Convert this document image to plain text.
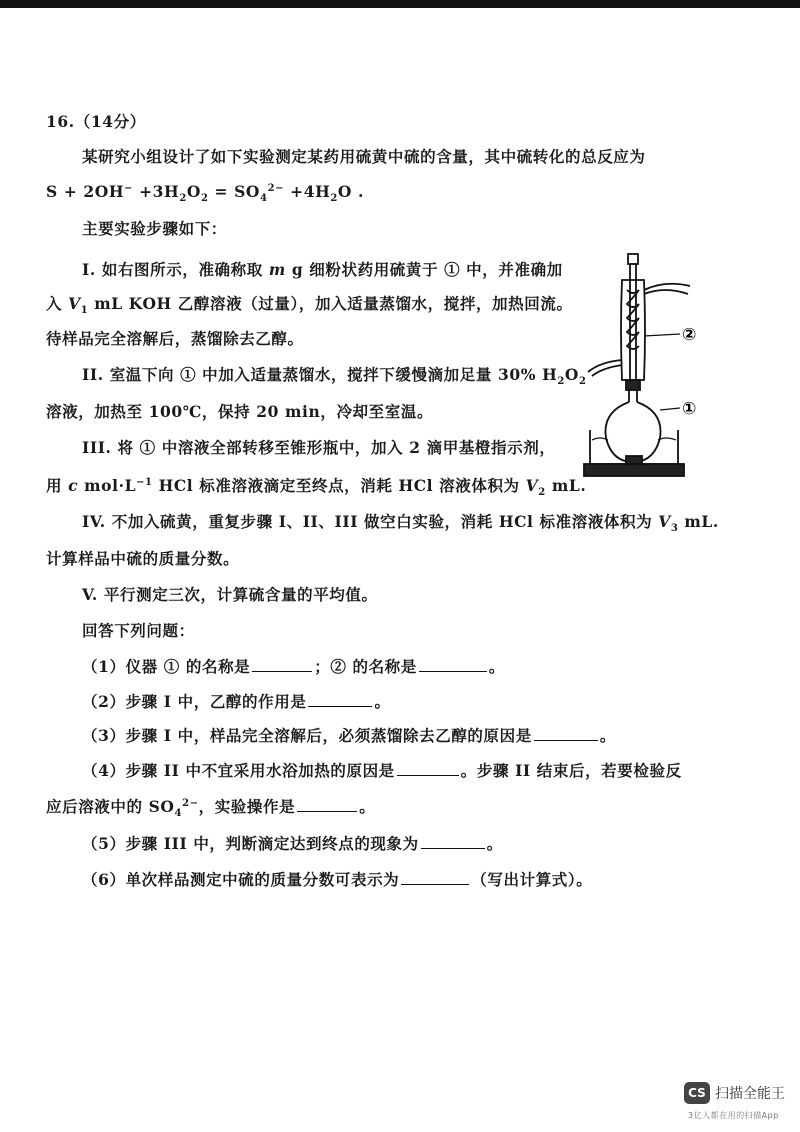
16.（14分）
某研究小组设计了如下实验测定某药用硫黄中硫的含量，其中硫转化的总反应为
$S + 2OH^- +3H_2O_2 = SO_4^{2-} +4H_2O$ .
主要实验步骤如下：
I. 如右图所示，准确称取 m g 细粉状药用硫黄于 ① 中，并准确加
入 $V_1$ mL KOH 乙醇溶液（过量），加入适量蒸馏水，搅拌，加热回流。
待样品完全溶解后，蒸馏除去乙醇。
II. 室温下向 ① 中加入适量蒸馏水，搅拌下缓慢滴加足量 30% $H_2O_2$
溶液，加热至 100℃，保持 20 min，冷却至室温。
III. 将 ① 中溶液全部转移至锥形瓶中，加入 2 滴甲基橙指示剂，
用 c $mol\cdot L^{-1}$ HCl 标准溶液滴定至终点，消耗 HCl 溶液体积为 $V_2$ mL.
IV. 不加入硫黄，重复步骤 I、II、III 做空白实验，消耗 HCl 标准溶液体积为 $V_3$ mL.
计算样品中硫的质量分数。
V. 平行测定三次，计算硫含量的平均值。
回答下列问题：
（1）仪器 ① 的名称是	；② 的名称是	。
（2）步骤 I 中，乙醇的作用是	。
（3）步骤 I 中，样品完全溶解后，必须蒸馏除去乙醇的原因是	。
（4）步骤 II 中不宜采用水浴加热的原因是	。步骤 II 结束后，若要检验反
应后溶液中的 $SO_4^{2-}$，实验操作是	。
（5）步骤 III 中，判断滴定达到终点的现象为	。
（6）单次样品测定中硫的质量分数可表示为	（写出计算式）。
②
①
CS 扫描全能王
3亿人都在用的扫描App
